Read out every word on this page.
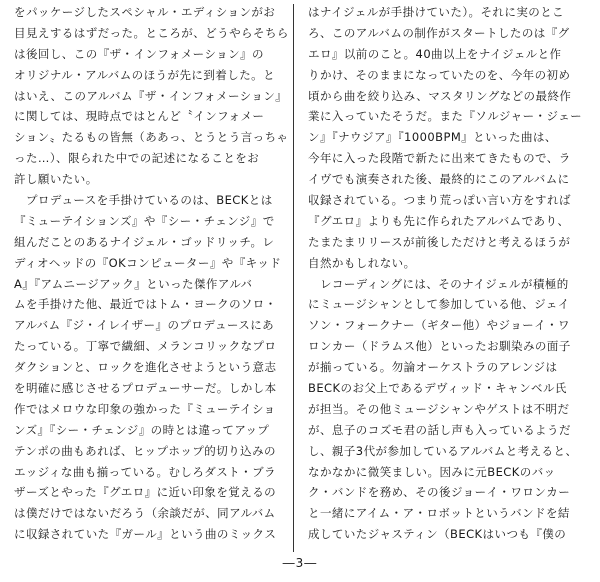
をパッケージしたスペシャル・エディションがお
目見えするはずだった。ところが、どうやらそちら
は後回し、この『ザ・インフォメーション』の
オリジナル・アルバムのほうが先に到着した。と
はいえ、このアルバム『ザ・インフォメーション』
に関しては、現時点ではとんど〝インフォメー
ション〟たるもの皆無（ああっ、とうとう言っちゃ
った…）、限られた中での記述になることをお
許し願いたい。
　プロデュースを手掛けているのは、BECKとは
『ミューテイションズ』や『シー・チェンジ』で
組んだことのあるナイジェル・ゴッドリッチ。レ
ディオヘッドの『OKコンピューター』や『キッド
A』『アムニージアック』といった傑作アルバ
ムを手掛けた他、最近ではトム・ヨークのソロ・
アルバム『ジ・イレイザー』のプロデュースにあ
たっている。丁寧で繊細、メランコリックなプロ
ダクションと、ロックを進化させようという意志
を明確に感じさせるプロデューサーだ。しかし本
作ではメロウな印象の強かった『ミューテイショ
ンズ』『シー・チェンジ』の時とは違ってアップ
テンポの曲もあれば、ヒップホップ的切り込みの
エッジィな曲も揃っている。むしろダスト・ブラ
ザーズとやった『グエロ』に近い印象を覚えるの
は僕だけではないだろう（余談だが、同アルバム
に収録されていた『ガール』という曲のミックス
はナイジェルが手掛けていた）。それに実のとこ
ろ、このアルバムの制作がスタートしたのは『グ
エロ』以前のこと。40曲以上をナイジェルと作
りかけ、そのままになっていたのを、今年の初め
頃から曲を絞り込み、マスタリングなどの最終作
業に入っていたそうだ。また『ソルジャー・ジェー
ン』『ナウジア』『1000BPM』といった曲は、
今年に入った段階で新たに出来てきたもので、ラ
イヴでも演奏された後、最終的にこのアルバムに
収録されている。つまり荒っぽい言い方をすれば
『グエロ』よりも先に作られたアルバムであり、
たまたまリリースが前後しただけと考えるほうが
自然かもしれない。
　レコーディングには、そのナイジェルが積極的
にミュージシャンとして参加している他、ジェイ
ソン・フォークナー（ギター他）やジョーイ・ワ
ロンカー（ドラムス他）といったお馴染みの面子
が揃っている。勿論オーケストラのアレンジは
BECKのお父上であるデヴィッド・キャンベル氏
が担当。その他ミュージシャンやゲストは不明だ
が、息子のコズモ君の話し声も入っているようだ
し、親子3代が参加しているアルバムと考えると、
なかなかに微笑ましい。因みに元BECKのバッ
ク・バンドを務め、その後ジョーイ・ワロンカー
と一緒にアイム・ア・ロボットというバンドを結
成していたジャスティン（BECKはいつも『僕の
―3―
